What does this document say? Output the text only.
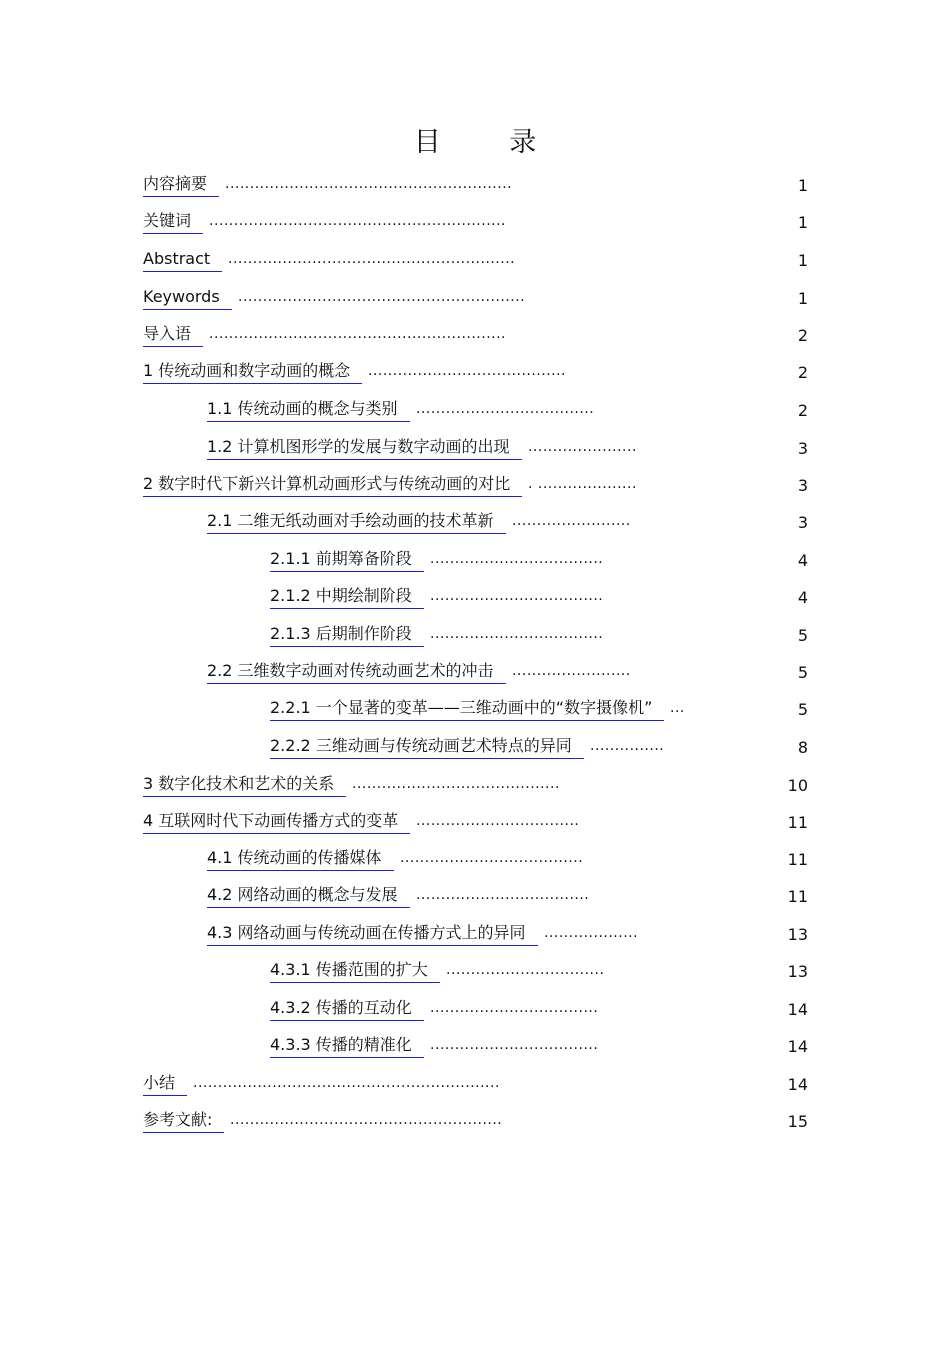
目 录
内容摘要	..........................................................	1
关键词	............................................................	1
Abstract	..........................................................	1
Keywords	..........................................................	1
导入语	............................................................	2
1 传统动画和数字动画的概念	........................................	2
1.1 传统动画的概念与类别	....................................	2
1.2 计算机图形学的发展与数字动画的出现	......................	3
2 数字时代下新兴计算机动画形式与传统动画的对比	. ....................	3
2.1 二维无纸动画对手绘动画的技术革新	........................	3
2.1.1 前期筹备阶段	...................................	4
2.1.2 中期绘制阶段	...................................	4
2.1.3 后期制作阶段	...................................	5
2.2 三维数字动画对传统动画艺术的冲击	........................	5
2.2.1 一个显著的变革——三维动画中的“数字摄像机”	...	5
2.2.2 三维动画与传统动画艺术特点的异同	...............	8
3 数字化技术和艺术的关系	..........................................	10
4 互联网时代下动画传播方式的变革	.................................	11
4.1 传统动画的传播媒体	.....................................	11
4.2 网络动画的概念与发展	...................................	11
4.3 网络动画与传统动画在传播方式上的异同	...................	13
4.3.1 传播范围的扩大	................................	13
4.3.2 传播的互动化	..................................	14
4.3.3 传播的精准化	..................................	14
小结	..............................................................	14
参考文献:	.......................................................	15
